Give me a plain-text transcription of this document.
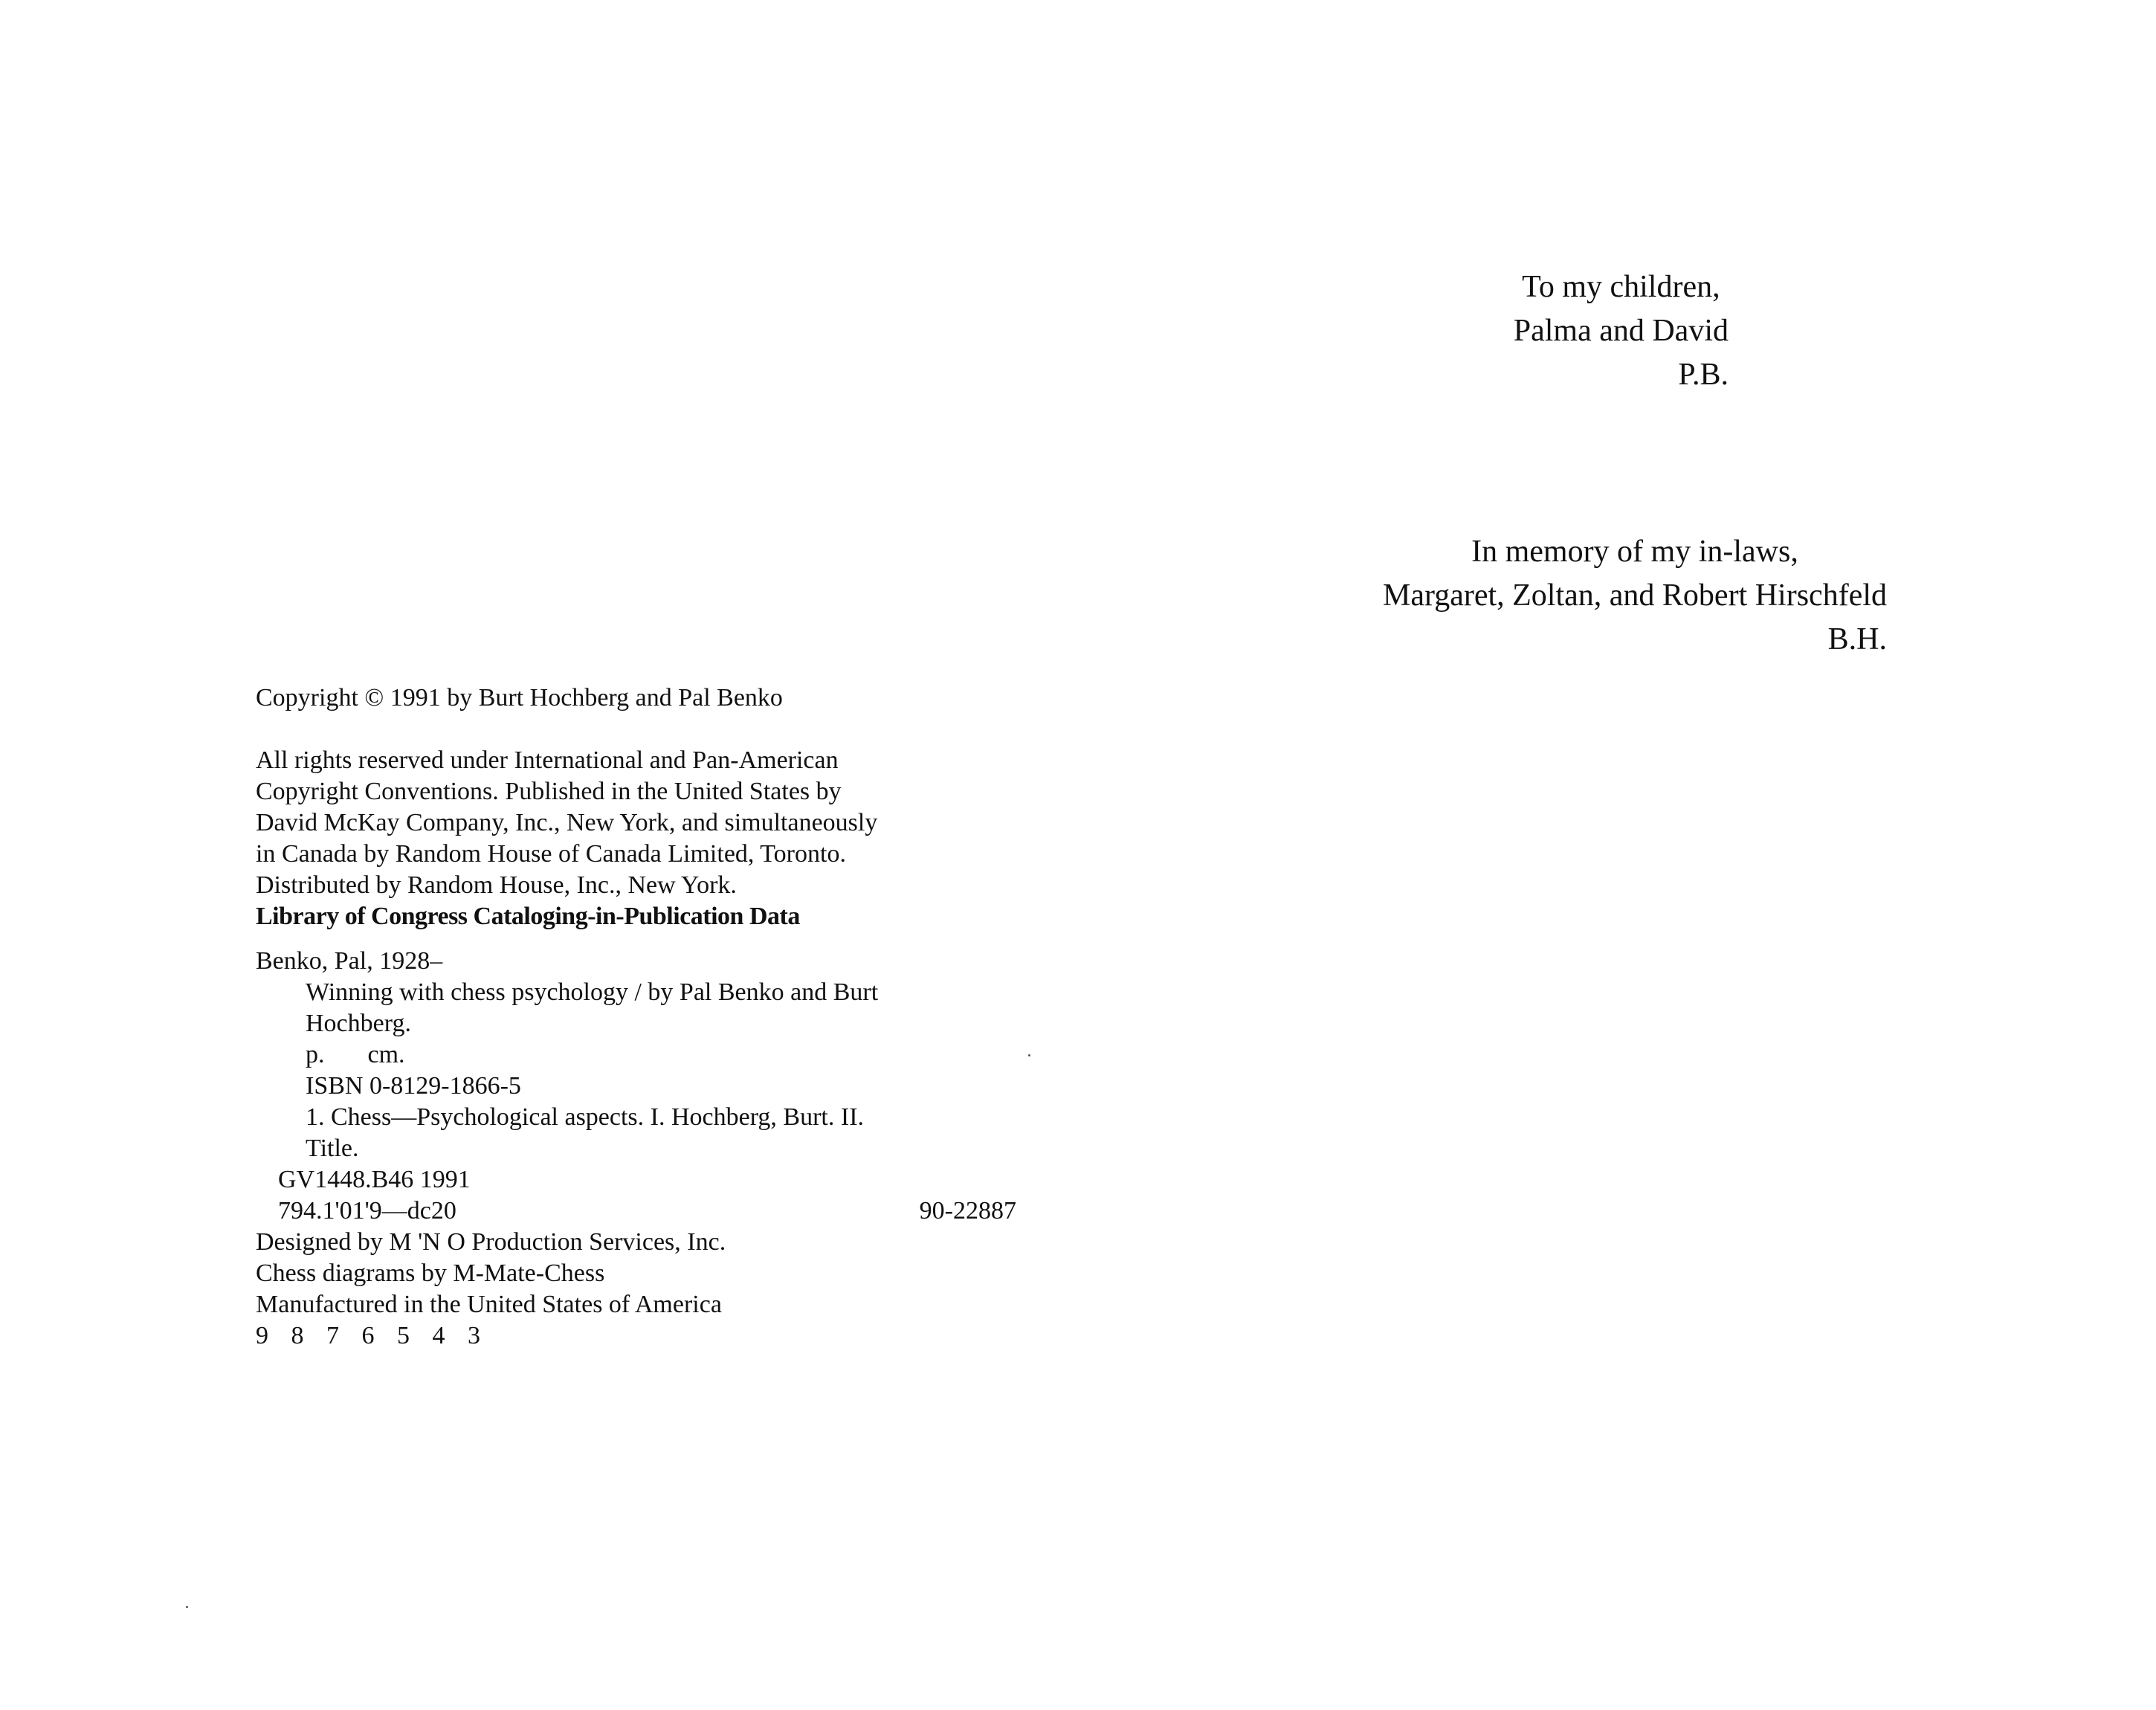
To my children,
Palma and David
P.B.
In memory of my in-laws,
Margaret, Zoltan, and Robert Hirschfeld
B.H.

Copyright © 1991 by Burt Hochberg and Pal Benko

All rights reserved under International and Pan-American

Copyright Conventions. Published in the United States by

David McKay Company, Inc., New York, and simultaneously

in Canada by Random House of Canada Limited, Toronto.

Distributed by Random House, Inc., New York.

Library of Congress Cataloging-in-Publication Data

Benko, Pal, 1928–

Winning with chess psychology / by Pal Benko and Burt

Hochberg.

p. cm.

ISBN 0-8129-1866-5

1. Chess—Psychological aspects. I. Hochberg, Burt. II.

Title.

GV1448.B46 1991

794.1'01'9—dc20	90-22887

Designed by M 'N O Production Services, Inc.

Chess diagrams by M-Mate-Chess

Manufactured in the United States of America

9 8 7 6 5 4 3
